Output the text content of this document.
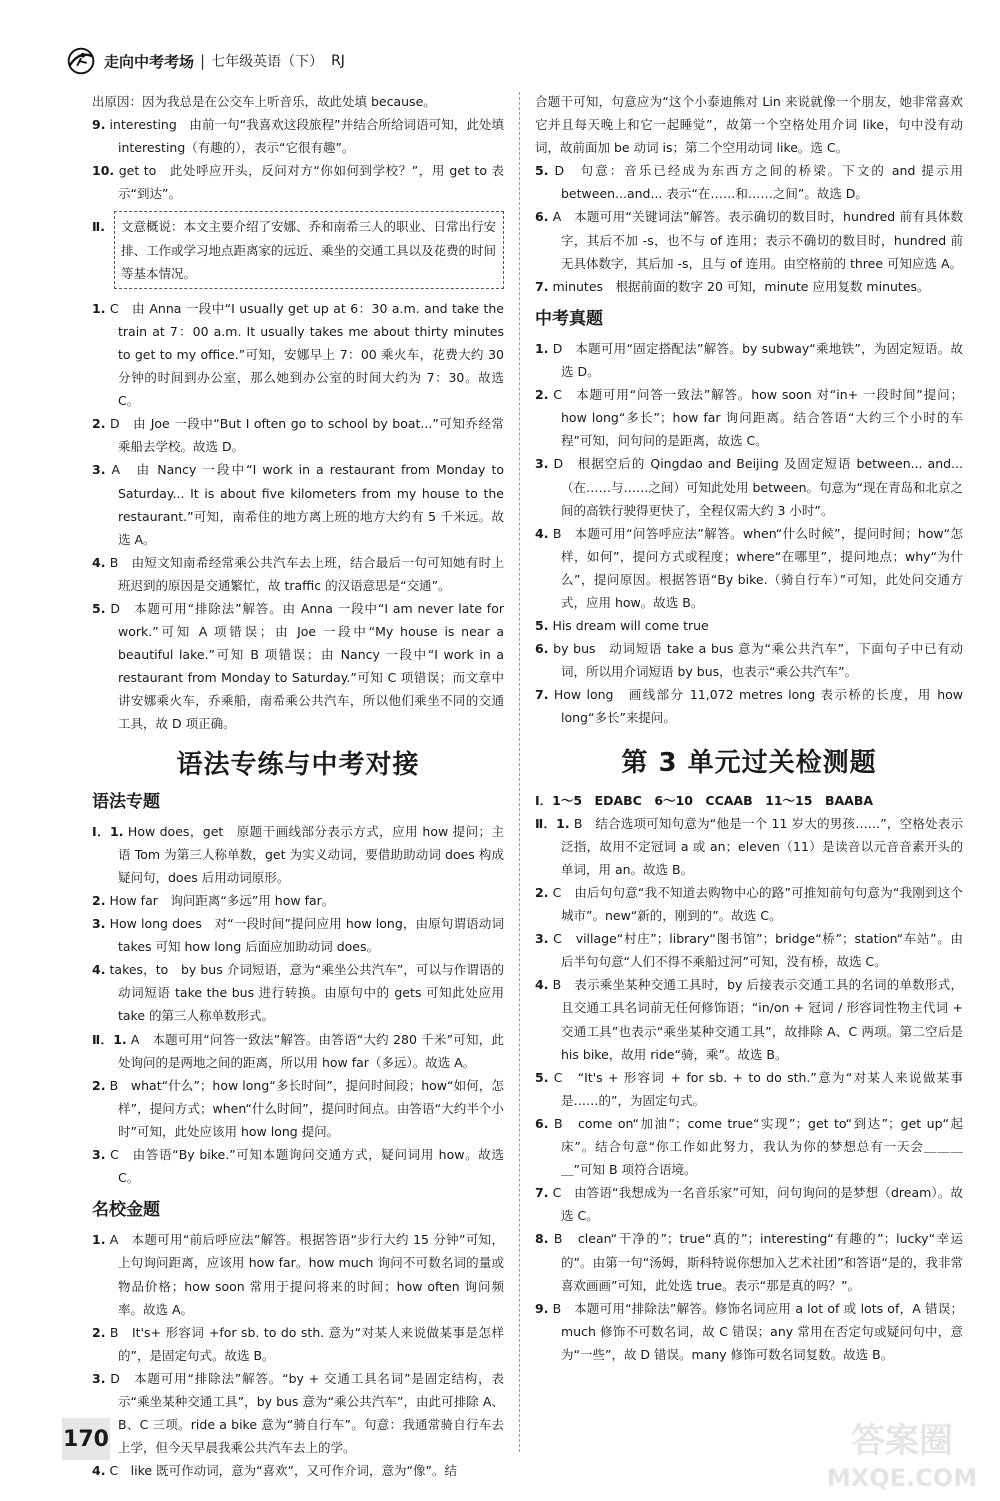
走向中考考场 | 七年级英语（下） RJ

出原因：因为我总是在公交车上听音乐，故此处填 because。

9. interesting　由前一句“我喜欢这段旅程”并结合所给词语可知，此处填 interesting（有趣的），表示“它很有趣”。

10. get to　此处呼应开头，反问对方“你如何到学校？”，用 get to 表示“到达”。

Ⅱ.	文意概说：本文主要介绍了安娜、乔和南希三人的职业、日常出行安排、工作或学习地点距离家的远近、乘坐的交通工具以及花费的时间等基本情况。

1. C　由 Anna 一段中“I usually get up at 6：30 a.m. and take the train at 7：00 a.m. It usually takes me about thirty minutes to get to my office.”可知，安娜早上 7：00 乘火车，花费大约 30 分钟的时间到办公室，那么她到办公室的时间大约为 7：30。故选 C。

2. D　由 Joe 一段中“But I often go to school by boat...”可知乔经常乘船去学校。故选 D。

3. A　由 Nancy 一段中“I work in a restaurant from Monday to Saturday... It is about five kilometers from my house to the restaurant.”可知，南希住的地方离上班的地方大约有 5 千米远。故选 A。

4. B　由短文知南希经常乘公共汽车去上班，结合最后一句可知她有时上班迟到的原因是交通繁忙，故 traffic 的汉语意思是“交通”。

5. D　本题可用“排除法”解答。由 Anna 一段中“I am never late for work.”可知 A 项错误；由 Joe 一段中“My house is near a beautiful lake.”可知 B 项错误；由 Nancy 一段中“I work in a restaurant from Monday to Saturday.”可知 C 项错误；而文章中讲安娜乘火车，乔乘船，南希乘公共汽车，所以他们乘坐不同的交通工具，故 D 项正确。

语法专练与中考对接
语法专题

Ⅰ．1. How does，get　原题干画线部分表示方式，应用 how 提问；主语 Tom 为第三人称单数，get 为实义动词，要借助助动词 does 构成疑问句，does 后用动词原形。

2. How far　询问距离“多远”用 how far。

3. How long does　对“一段时间”提问应用 how long，由原句谓语动词 takes 可知 how long 后面应加助动词 does。

4. takes，to　by bus 介词短语，意为“乘坐公共汽车”，可以与作谓语的动词短语 take the bus 进行转换。由原句中的 gets 可知此处应用 take 的第三人称单数形式。

Ⅱ．1. A　本题可用“问答一致法”解答。由答语“大约 280 千米”可知，此处询问的是两地之间的距离，所以用 how far（多远）。故选 A。

2. B　what“什么”；how long“多长时间”，提问时间段；how“如何，怎样”，提问方式；when“什么时间”，提问时间点。由答语“大约半个小时”可知，此处应该用 how long 提问。

3. C　由答语“By bike.”可知本题询问交通方式，疑问词用 how。故选 C。

名校金题

1. A　本题可用“前后呼应法”解答。根据答语“步行大约 15 分钟”可知，上句询问距离，应该用 how far。how much 询问不可数名词的量或物品价格；how soon 常用于提问将来的时间；how often 询问频率。故选 A。

2. B　It's+ 形容词 +for sb. to do sth. 意为“对某人来说做某事是怎样的”，是固定句式。故选 B。

3. D　本题可用“排除法”解答。“by + 交通工具名词”是固定结构，表示“乘坐某种交通工具”，by bus 意为“乘公共汽车”，由此可排除 A、B、C 三项。ride a bike 意为“骑自行车”。句意：我通常骑自行车去上学，但今天早晨我乘公共汽车去上的学。

4. C　like 既可作动词，意为“喜欢”，又可作介词，意为“像”。结

合题干可知，句意应为“这个小泰迪熊对 Lin 来说就像一个朋友，她非常喜欢它并且每天晚上和它一起睡觉”，故第一个空格处用介词 like，句中没有动词，故前面加 be 动词 is；第二个空用动词 like。选 C。

5. D　句意：音乐已经成为东西方之间的桥梁。下文的 and 提示用 between...and... 表示“在……和……之间”。故选 D。

6. A　本题可用“关键词法”解答。表示确切的数目时，hundred 前有具体数字，其后不加 -s，也不与 of 连用；表示不确切的数目时，hundred 前无具体数字，其后加 -s，且与 of 连用。由空格前的 three 可知应选 A。

7. minutes　根据前面的数字 20 可知，minute 应用复数 minutes。

中考真题

1. D　本题可用“固定搭配法”解答。by subway“乘地铁”，为固定短语。故选 D。

2. C　本题可用“问答一致法”解答。how soon 对“in+ 一段时间”提问；how long“多长”；how far 询问距离。结合答语“大约三个小时的车程”可知，问句问的是距离，故选 C。

3. D　根据空后的 Qingdao and Beijing 及固定短语 between... and...（在……与……之间）可知此处用 between。句意为“现在青岛和北京之间的高铁行驶得更快了，全程仅需大约 3 小时”。

4. B　本题可用“问答呼应法”解答。when“什么时候”，提问时间；how“怎样，如何”，提问方式或程度；where“在哪里”，提问地点；why“为什么”，提问原因。根据答语“By bike.（骑自行车）”可知，此处问交通方式，应用 how。故选 B。

5. His dream will come true

6. by bus　动词短语 take a bus 意为“乘公共汽车”，下面句子中已有动词，所以用介词短语 by bus，也表示“乘公共汽车”。

7. How long　画线部分 11,072 metres long 表示桥的长度，用 how long“多长”来提问。

第 3 单元过关检测题

Ⅰ．1～5　EDABC　6～10　CCAAB　11～15　BAABA

Ⅱ．1. B　结合选项可知句意为“他是一个 11 岁大的男孩……”，空格处表示泛指，故用不定冠词 a 或 an；eleven（11）是读音以元音音素开头的单词，用 an。故选 B。

2. C　由后句句意“我不知道去购物中心的路”可推知前句句意为“我刚到这个城市”。new“新的，刚到的”。故选 C。

3. C　village“村庄”；library“图书馆”；bridge“桥”；station“车站”。由后半句句意“人们不得不乘船过河”可知，没有桥，故选 C。

4. B　表示乘坐某种交通工具时，by 后接表示交通工具的名词的单数形式，且交通工具名词前无任何修饰语；“in/on + 冠词 / 形容词性物主代词 + 交通工具”也表示“乘坐某种交通工具”，故排除 A、C 两项。第二空后是 his bike，故用 ride“骑，乘”。故选 B。

5. C　“It's + 形容词 + for sb. + to do sth.”意为“对某人来说做某事是……的”，为固定句式。

6. B　come on“加油”；come true“实现”；get to“到达”；get up“起床”。结合句意“你工作如此努力，我认为你的梦想总有一天会＿＿＿＿”可知 B 项符合语境。

7. C　由答语“我想成为一名音乐家”可知，问句询问的是梦想（dream）。故选 C。

8. B　clean“干净的”；true“真的”；interesting“有趣的”；lucky“幸运的”。由第一句“汤姆，斯科特说你想加入艺术社团”和答语“是的，我非常喜欢画画”可知，此处选 true。表示“那是真的吗？”。

9. B　本题可用“排除法”解答。修饰名词应用 a lot of 或 lots of，A 错误；much 修饰不可数名词，故 C 错误；any 常用在否定句或疑问句中，意为“一些”，故 D 错误。many 修饰可数名词复数。故选 B。

170	答案圈
MXQE.COM
